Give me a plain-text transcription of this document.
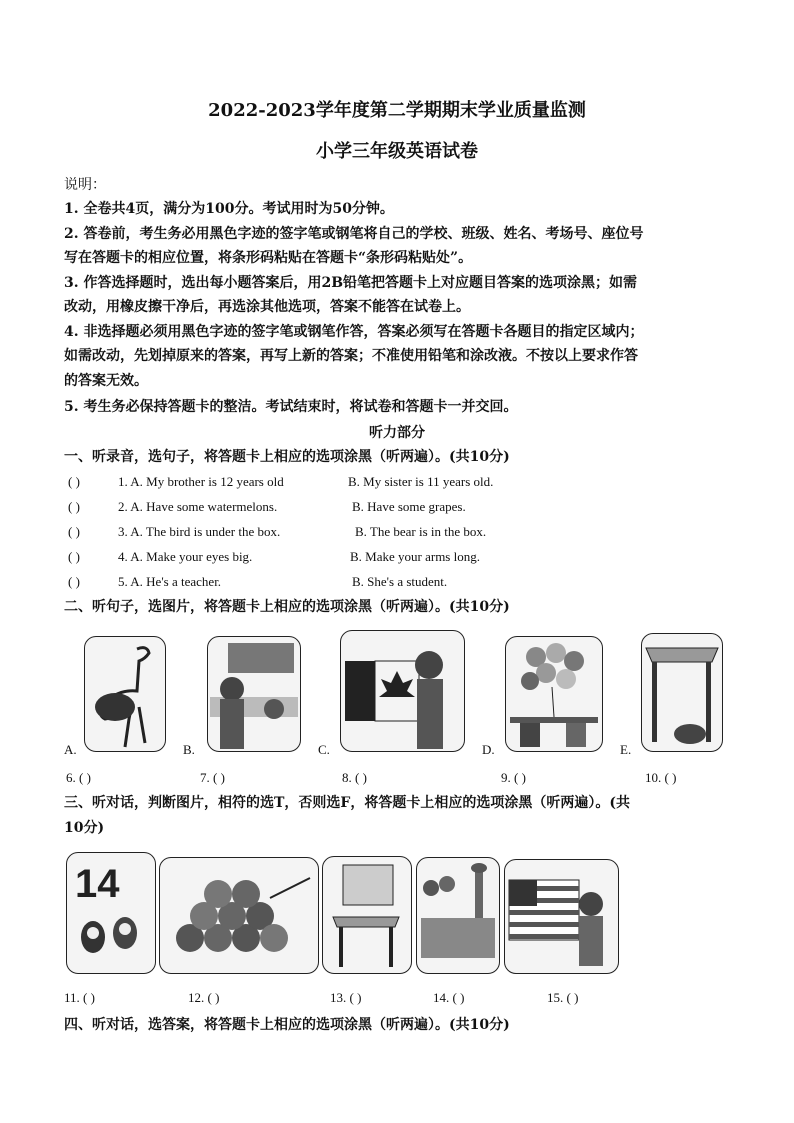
2022-2023学年度第二学期期末学业质量监测
小学三年级英语试卷
说明：
1. 全卷共4页，满分为100分。考试用时为50分钟。
2. 答卷前，考生务必用黑色字迹的签字笔或钢笔将自己的学校、班级、姓名、考场号、座位号
写在答题卡的相应位置，将条形码粘贴在答题卡“条形码粘贴处”。
3. 作答选择题时，选出每小题答案后，用2B铅笔把答题卡上对应题目答案的选项涂黑；如需
改动，用橡皮擦干净后，再选涂其他选项，答案不能答在试卷上。
4. 非选择题必须用黑色字迹的签字笔或钢笔作答，答案必须写在答题卡各题目的指定区域内；
如需改动，先划掉原来的答案，再写上新的答案；不准使用铅笔和涂改液。不按以上要求作答
的答案无效。
5. 考生务必保持答题卡的整洁。考试结束时，将试卷和答题卡一并交回。
听力部分
一、听录音，选句子，将答题卡上相应的选项涂黑（听两遍）。(共10分)
( )	1. A. My brother is 12 years old	B. My sister is 11 years old.
( )	2. A. Have some watermelons.	B. Have some grapes.
( )	3. A. The bird is under the box.	B. The bear is in the box.
( )	4. A. Make your eyes big.	B. Make your arms long.
( )	5. A. He's a teacher.	B. She's a student.
二、听句子，选图片，将答题卡上相应的选项涂黑（听两遍）。(共10分)
A.	B.	C.	D.	E.
6. ( )	7. ( )	8. ( )	9. ( )	10. ( )
三、听对话，判断图片，相符的选T，否则选F，将答题卡上相应的选项涂黑（听两遍）。(共
10分)
14
11. ( )	12. ( )	13. ( )	14. ( )	15. ( )
四、听对话，选答案，将答题卡上相应的选项涂黑（听两遍）。(共10分)
